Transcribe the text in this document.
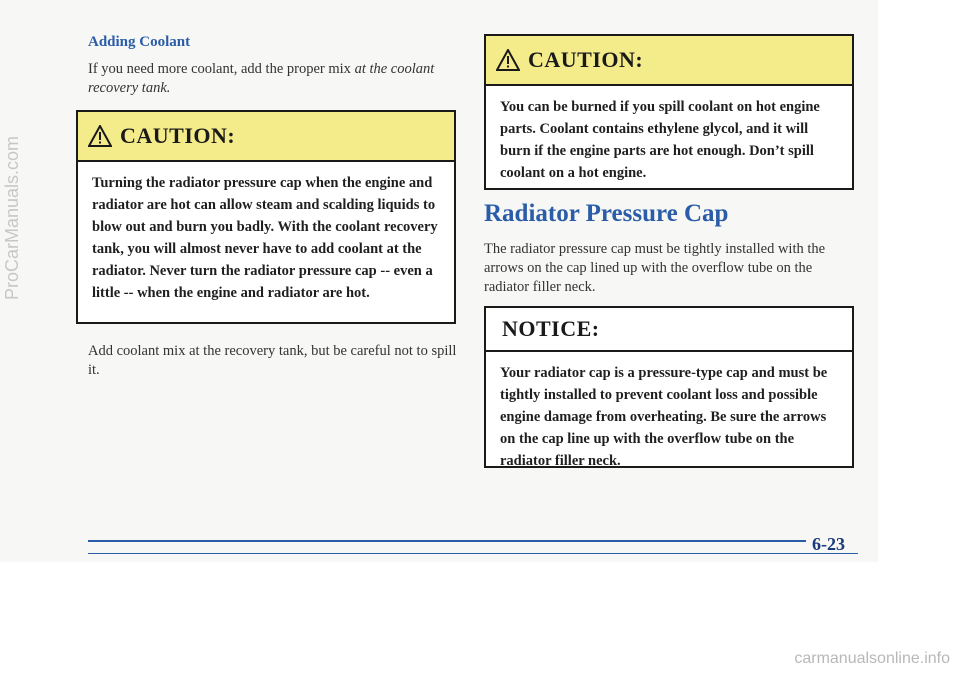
Adding Coolant
If you need more coolant, add the proper mix at the coolant recovery tank.
CAUTION:
Turning the radiator pressure cap when the engine and radiator are hot can allow steam and scalding liquids to blow out and burn you badly. With the coolant recovery tank, you will almost never have to add coolant at the radiator. Never turn the radiator pressure cap -- even a little -- when the engine and radiator are hot.
Add coolant mix at the recovery tank, but be careful not to spill it.
CAUTION:
You can be burned if you spill coolant on hot engine parts. Coolant contains ethylene glycol, and it will burn if the engine parts are hot enough. Don’t spill coolant on a hot engine.
Radiator Pressure Cap
The radiator pressure cap must be tightly installed with the arrows on the cap lined up with the overflow tube on the radiator filler neck.
NOTICE:
Your radiator cap is a pressure-type cap and must be tightly installed to prevent coolant loss and possible engine damage from overheating. Be sure the arrows on the cap line up with the overflow tube on the radiator filler neck.
6-23
ProCarManuals.com
carmanualsonline.info
